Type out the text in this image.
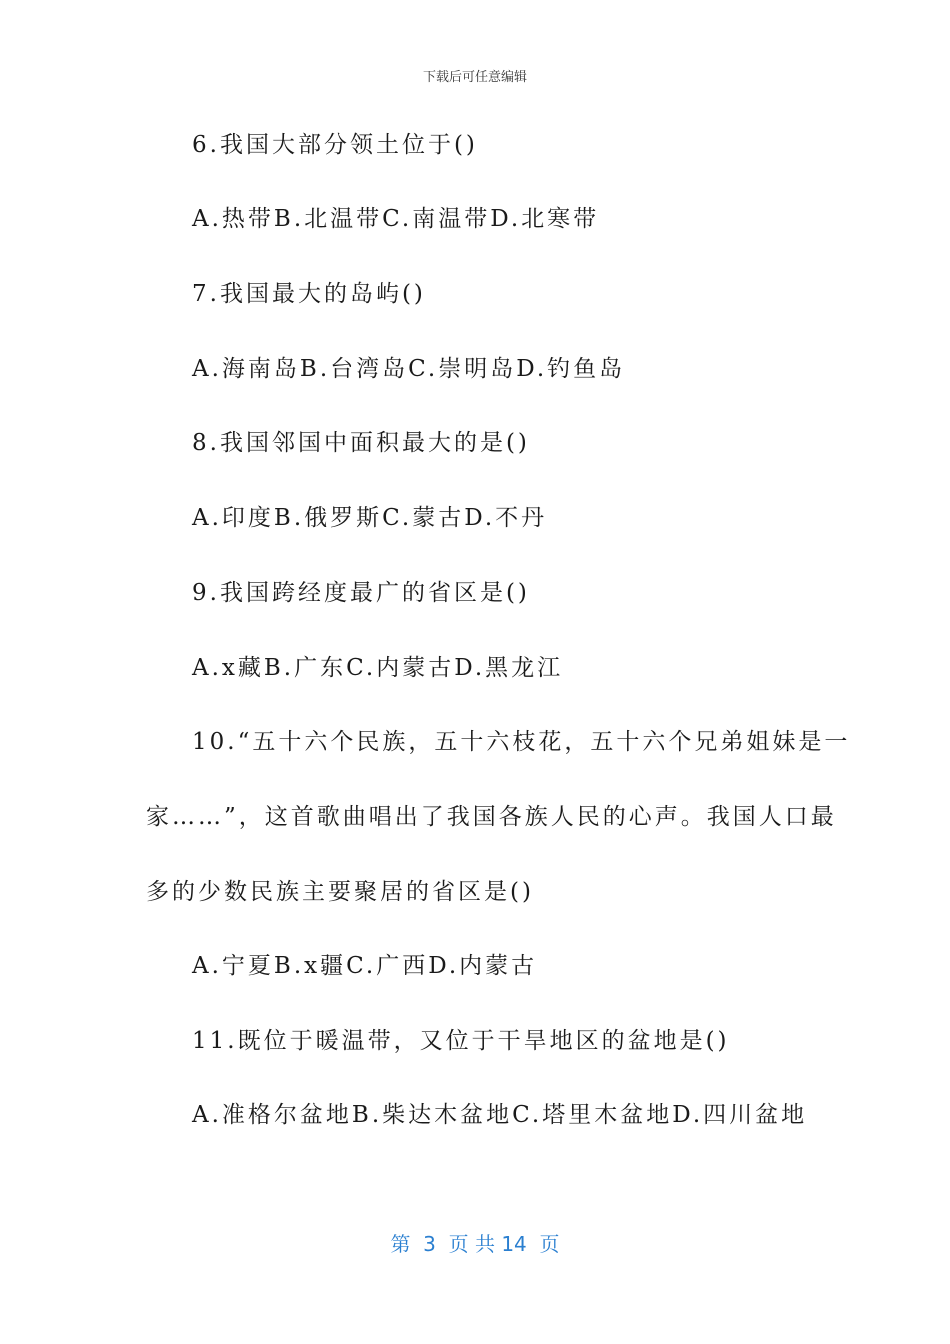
下载后可任意编辑
6.我国大部分领土位于()
A.热带B.北温带C.南温带D.北寒带
7.我国最大的岛屿()
A.海南岛B.台湾岛C.崇明岛D.钓鱼岛
8.我国邻国中面积最大的是()
A.印度B.俄罗斯C.蒙古D.不丹
9.我国跨经度最广的省区是()
A.x藏B.广东C.内蒙古D.黑龙江
10.“五十六个民族，五十六枝花，五十六个兄弟姐妹是一
家……”，这首歌曲唱出了我国各族人民的心声。我国人口最
多的少数民族主要聚居的省区是()
A.宁夏B.x疆C.广西D.内蒙古
11.既位于暖温带，又位于干旱地区的盆地是()
A.准格尔盆地B.柴达木盆地C.塔里木盆地D.四川盆地
第  3  页 共 14  页
